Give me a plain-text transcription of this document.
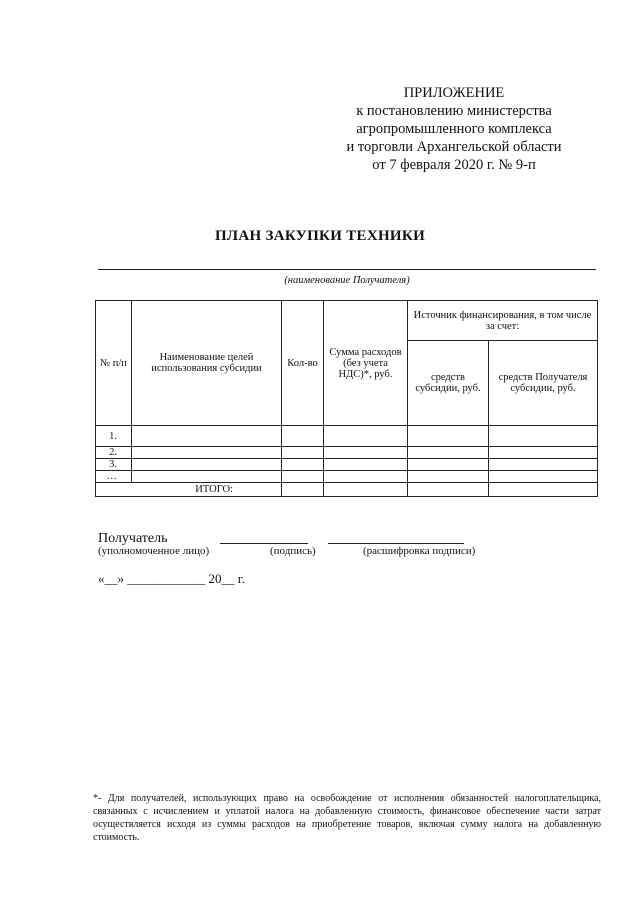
ПРИЛОЖЕНИЕ
к постановлению министерства
агропромышленного комплекса
и торговли Архангельской области
от 7 февраля 2020 г. № 9-п
ПЛАН ЗАКУПКИ ТЕХНИКИ
(наименование Получателя)
№ п/п	Наименование целей использования субсидии	Кол-во	Сумма расходов (без учета НДС)*, руб.	Источник финансирования, в том числе за счет:	
				средств субсидии, руб.	средств Получателя субсидии, руб.
1.					
2.					
3.					
…					
ИТОГО:					
Получатель
(уполномоченное лицо)	(подпись)	(расшифровка подписи)
«__» ____________ 20__ г.
*- Для получателей, использующих право на освобождение от исполнения обязанностей налогоплательщика, связанных с исчислением и уплатой налога на добавленную стоимость, финансовое обеспечение части затрат осуществляется исходя из суммы расходов на приобретение товаров, включая сумму налога на добавленную стоимость.
